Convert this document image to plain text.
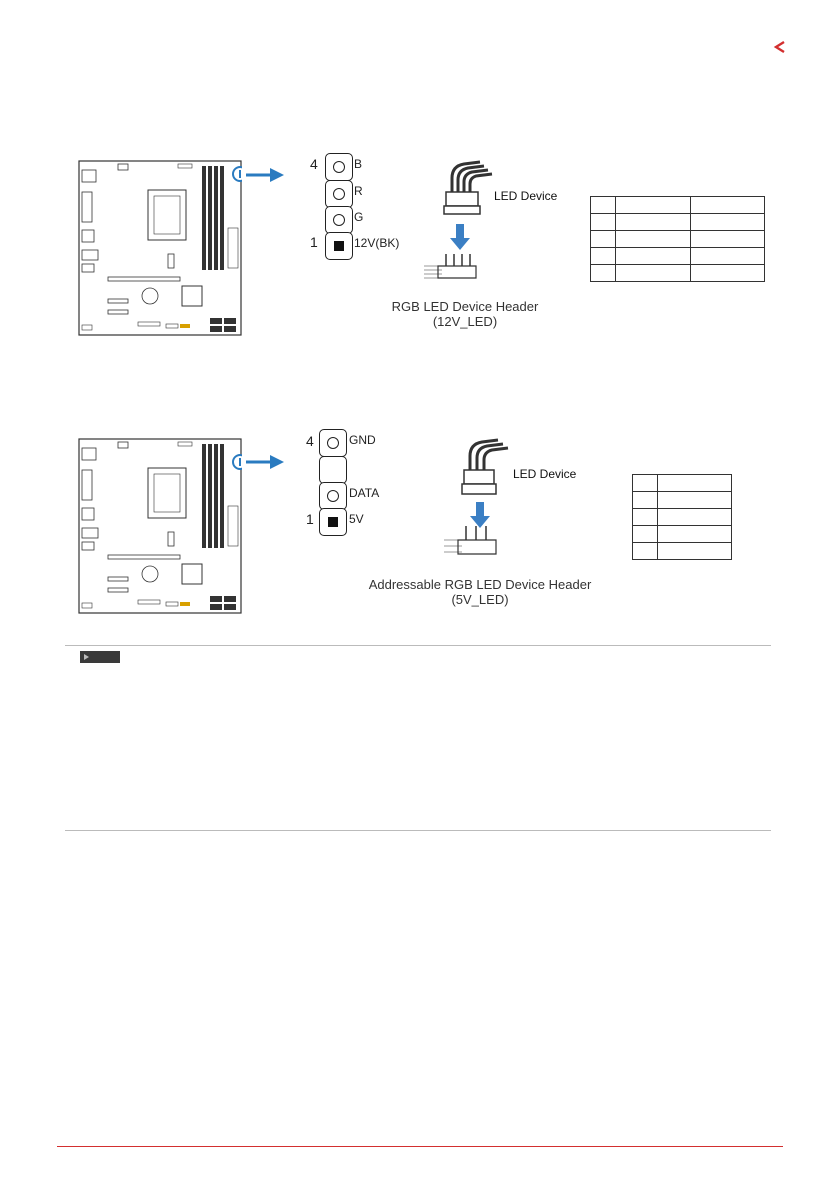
4	B
R
G
1	12V(BK)
LED Device
RGB LED Device Header
(12V_LED)

4	GND
DATA
1	5V
LED Device
Addressable RGB LED Device Header
(5V_LED)
